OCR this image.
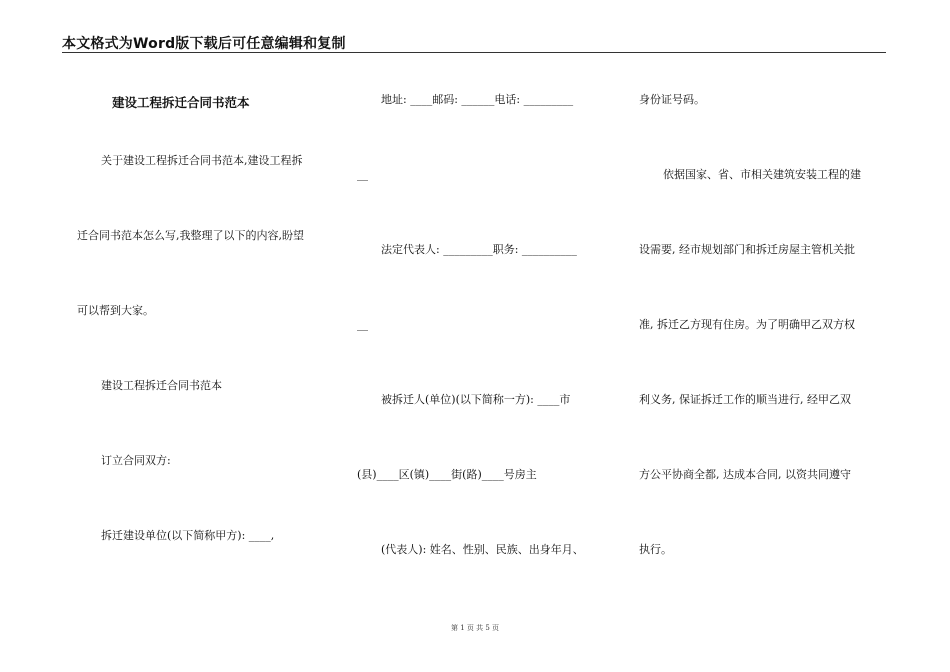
本文格式为Word版下载后可任意编辑和复制
建设工程拆迁合同书范本
关于建设工程拆迁合同书范本,建设工程拆
迁合同书范本怎么写,我整理了以下的内容,盼望
可以帮到大家。
建设工程拆迁合同书范本
订立合同双方:
拆迁建设单位(以下简称甲方): ____,
地址: ____邮码: ______电话: _________
__
法定代表人: _________职务: __________
__
被拆迁人(单位)(以下简称一方): ____市
(县)____区(镇)____街(路)____号房主
(代表人): 姓名、性别、民族、出身年月、
身份证号码。
依据国家、省、市相关建筑安装工程的建
设需要, 经市规划部门和拆迁房屋主管机关批
准, 拆迁乙方现有住房。为了明确甲乙双方权
利义务, 保证拆迁工作的顺当进行, 经甲乙双
方公平协商全都, 达成本合同, 以资共同遵守
执行。
第 1 页 共 5 页
